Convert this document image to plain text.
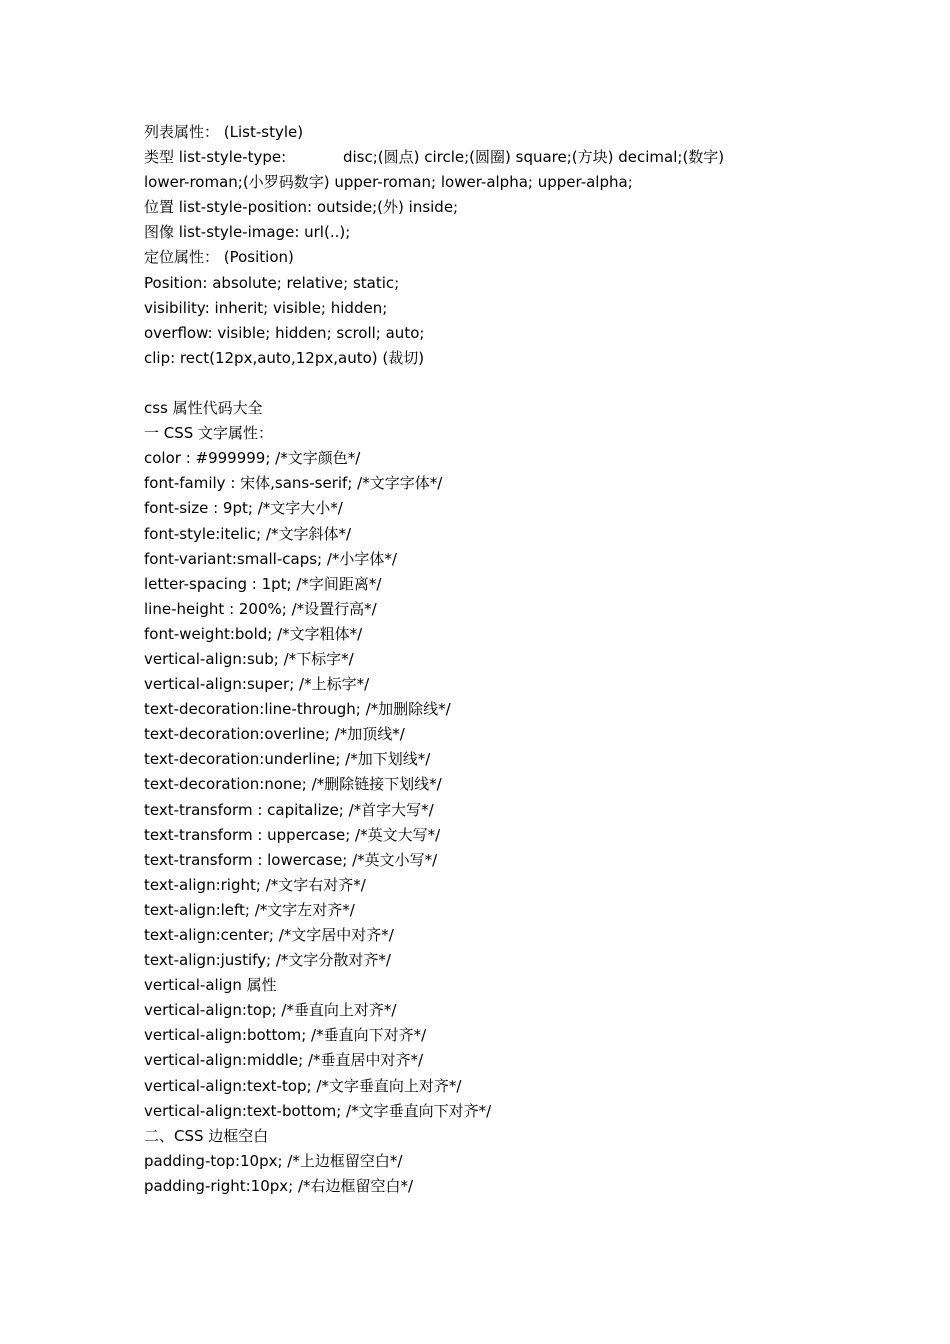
列表属性： (List-style)
类型 list-style-type:	disc;(圆点) circle;(圆圈) square;(方块) decimal;(数字)
lower-roman;(小罗码数字) upper-roman; lower-alpha; upper-alpha;
位置 list-style-position: outside;(外) inside;
图像 list-style-image: url(..);
定位属性： (Position)
Position: absolute; relative; static;
visibility: inherit; visible; hidden;
overflow: visible; hidden; scroll; auto;
clip: rect(12px,auto,12px,auto) (裁切)
css 属性代码大全
一 CSS 文字属性：
color : #999999; /*文字颜色*/
font-family : 宋体,sans-serif; /*文字字体*/
font-size : 9pt; /*文字大小*/
font-style:itelic; /*文字斜体*/
font-variant:small-caps; /*小字体*/
letter-spacing : 1pt; /*字间距离*/
line-height : 200%; /*设置行高*/
font-weight:bold; /*文字粗体*/
vertical-align:sub; /*下标字*/
vertical-align:super; /*上标字*/
text-decoration:line-through; /*加删除线*/
text-decoration:overline; /*加顶线*/
text-decoration:underline; /*加下划线*/
text-decoration:none; /*删除链接下划线*/
text-transform : capitalize; /*首字大写*/
text-transform : uppercase; /*英文大写*/
text-transform : lowercase; /*英文小写*/
text-align:right; /*文字右对齐*/
text-align:left; /*文字左对齐*/
text-align:center; /*文字居中对齐*/
text-align:justify; /*文字分散对齐*/
vertical-align 属性
vertical-align:top; /*垂直向上对齐*/
vertical-align:bottom; /*垂直向下对齐*/
vertical-align:middle; /*垂直居中对齐*/
vertical-align:text-top; /*文字垂直向上对齐*/
vertical-align:text-bottom; /*文字垂直向下对齐*/
二、CSS 边框空白
padding-top:10px; /*上边框留空白*/
padding-right:10px; /*右边框留空白*/
